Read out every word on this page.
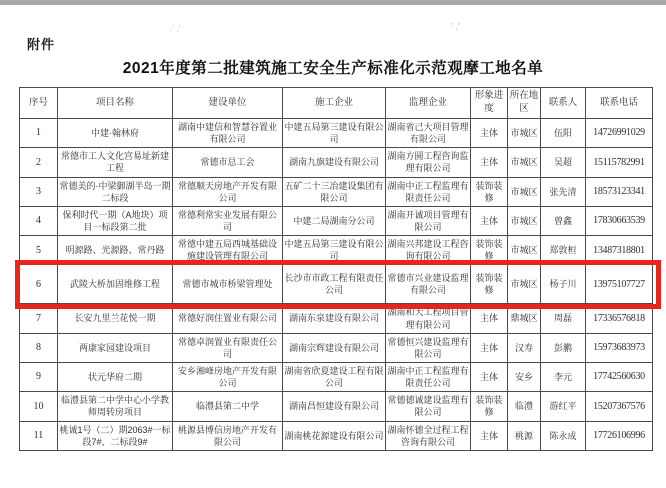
·' ,'	'' ,''
附件
2021年度第二批建筑施工安全生产标准化示范观摩工地名单
序号	项目名称	建设单位	施工企业	监理企业	形象进度	所在地区	联系人	联系电话
1	中建·翰林府	湖南中建信和智慧谷置业有限公司	中建五局第三建设有限公司	湖南省己大项目管理有限公司	主体	市城区	伍阳	14726991029
2	常德市工人文化宫易址新建工程	常德市总工会	湖南九旗建设有限公司	湖南方圆工程咨询监理有限公司	主体	市城区	吴超	15115782991
3	常德美的·中梁御湖半岛一期二标段	常德顺天房地产开发有限公司	五矿二十三冶建设集团有限公司	湖南中正工程监理有限责任公司	装饰装修	市城区	张先清	18573123341
4	保利时代一期（A地块）项目一标段第二批	常德利常实业发展有限公司	中建二局湖南分公司	湖南开诚项目管理有限公司	主体	市城区	曾鑫	17830663539
5	明源路、光源路、常丹路	常德中建五局西城基础设施建设管理有限公司	中建五局第三建设有限公司	湖南兴邦建设工程咨询有限公司	装饰装修	市城区	郑敦桓	13487318801
6	武陵大桥加固维修工程	常德市城市桥梁管理处	长沙市市政工程有限责任公司	常德市兴业建设监理有限公司	装饰装修	市城区	杨子川	13975107727
7	长安九里兰花悦一期	常德好润住置业有限公司	湖南东泉建设有限公司	湖南和天工程项目管理有限公司	主体	鼎城区	周磊	17336576818
8	两康家园建设项目	常德卓润置业有限责任公司	湖南宗辉建设有限公司	常德恒兴建设监理有限公司	主体	汉寿	彭鹏	15973683973
9	状元华府二期	安乡湘峰房地产开发有限公司	湖南省欣夏建设工程有限公司	湖南中正工程监理有限责任公司	主体	安乡	李元	17742560630
10	临澧县第二中学中心小学教师周转房项目	临澧县第二中学	湖南昌恒建设有限公司	常德德诚建设监理有限公司	装饰装修	临澧	游红平	15207367576
11	桃诚1号（二）期2063#一标段7#、二标段9#	桃源县博信房地产开发有限公司	湖南桃花源建设有限公司	湖南怀德全过程工程咨询有限公司	主体	桃源	陈永成	17726106996
